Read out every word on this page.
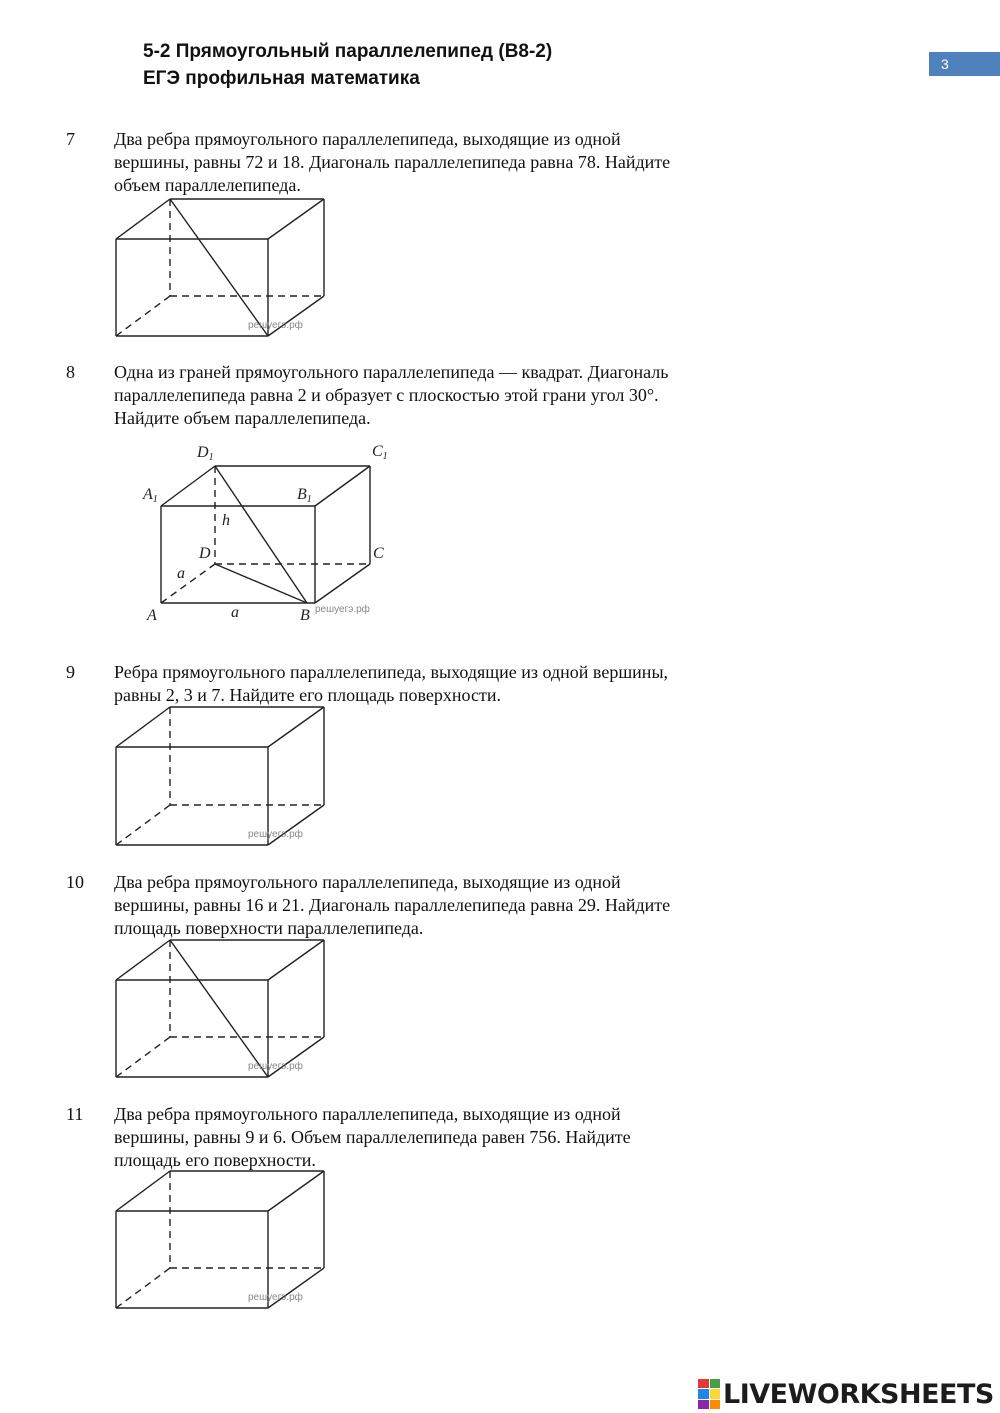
5-2 Прямоугольный параллелепипед (В8-2)
ЕГЭ профильная математика
3
7 Два ребра прямоугольного параллелепипеда, выходящие из одной
вершины, равны 72 и 18. Диагональ параллелепипеда равна 78. Найдите
объем параллелепипеда.
решуегэ.рф
8 Одна из граней прямоугольного параллелепипеда — квадрат. Диагональ
параллелепипеда равна 2 и образует с плоскостью этой грани угол 30°.
Найдите объем параллелепипеда.
D1	C1
A1	B1
h
D	C
a
a
A	B решуегэ.рф
9 Ребра прямоугольного параллелепипеда, выходящие из одной вершины,
равны 2, 3 и 7. Найдите его площадь поверхности.
решуегэ.рф
10 Два ребра прямоугольного параллелепипеда, выходящие из одной
вершины, равны 16 и 21. Диагональ параллелепипеда равна 29. Найдите
площадь поверхности параллелепипеда.
решуегэ.рф
11 Два ребра прямоугольного параллелепипеда, выходящие из одной
вершины, равны 9 и 6. Объем параллелепипеда равен 756. Найдите
площадь его поверхности.
решуегэ.рф
LIVEWORKSHEETS
